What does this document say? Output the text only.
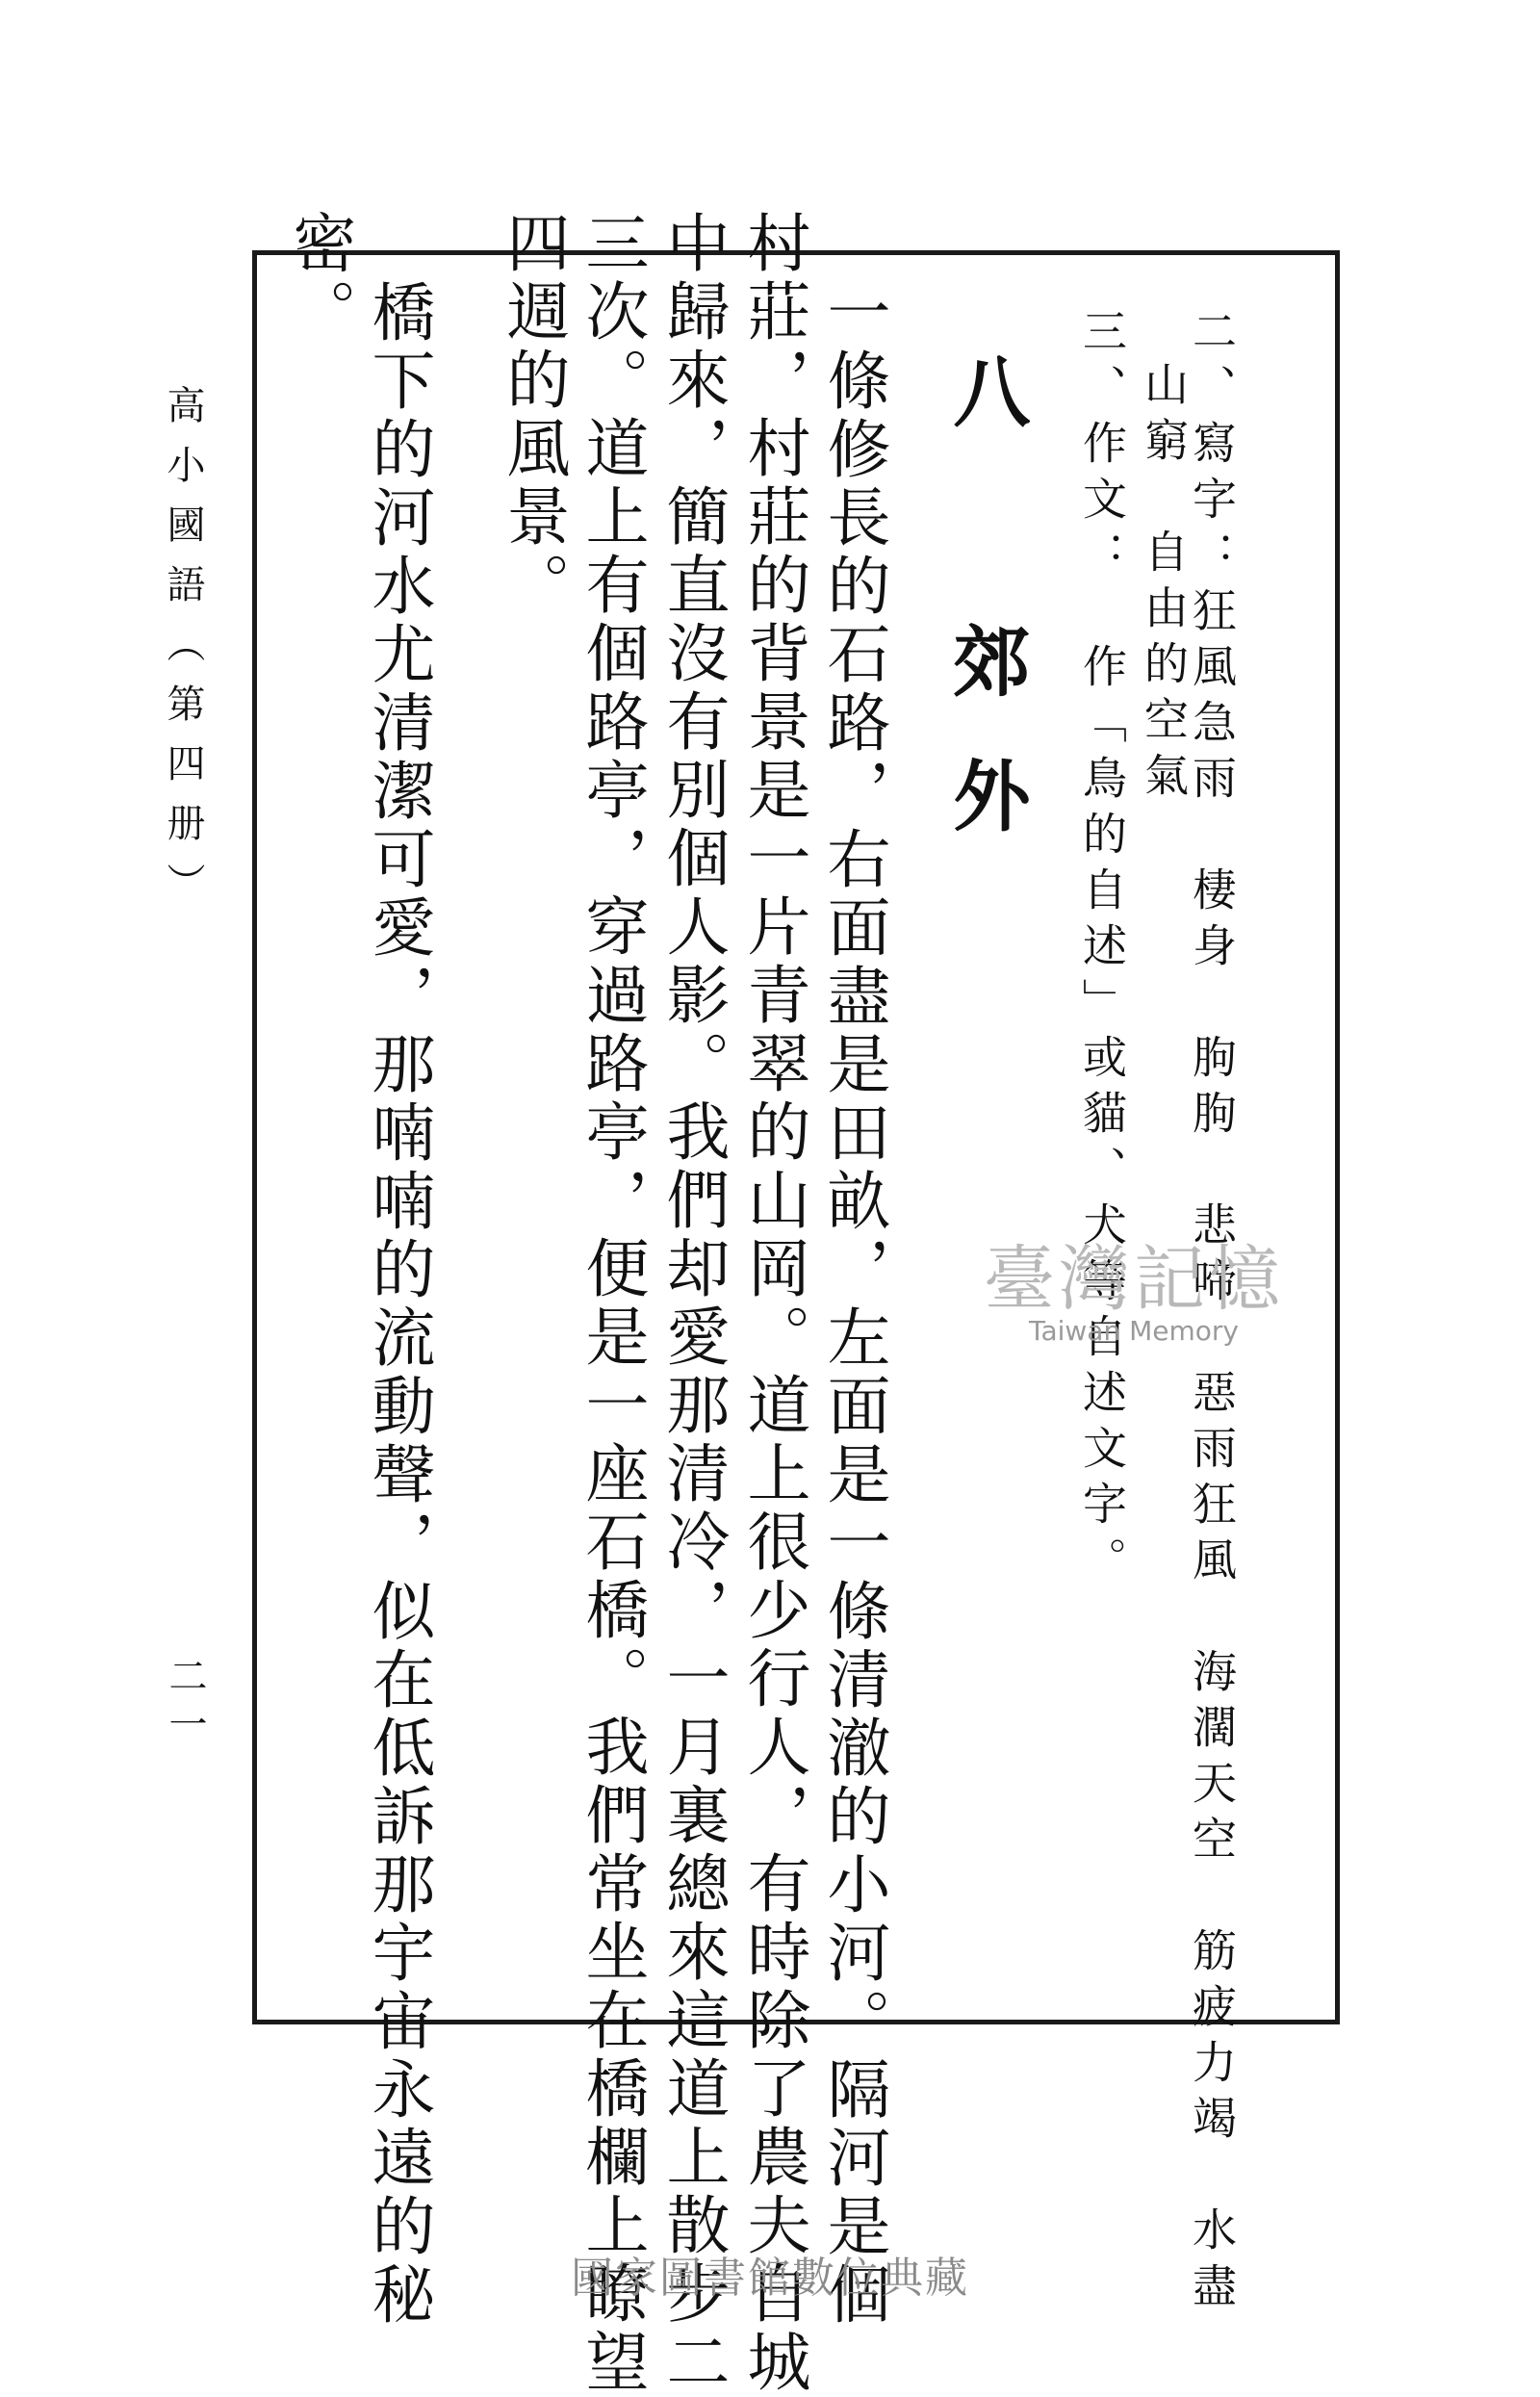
二、寫字：狂風急雨　棲身　朐朐　悲啼　惡雨狂風　海濶天空　筋疲力竭　水盡
山窮　自由的空氣
三、作文：　作「鳥的自述」或貓、犬等自述文字。
八　郊外
一條修長的石路，右面盡是田畝，左面是一條清澈的小河。隔河是個
村莊，村莊的背景是一片青翠的山岡。道上很少行人，有時除了農夫自城
中歸來，簡直沒有別個人影。我們却愛那清冷，一月裏總來這道上散步二
三次。道上有個路亭，穿過路亭，便是一座石橋。我們常坐在橋欄上瞭望
四週的風景。
橋下的河水尤清潔可愛，那喃喃的流動聲，似在低訴那宇宙永遠的秘
密。
高小國語（第四册）
二一
臺灣記憶
Taiwan Memory
國家圖書館數位典藏
